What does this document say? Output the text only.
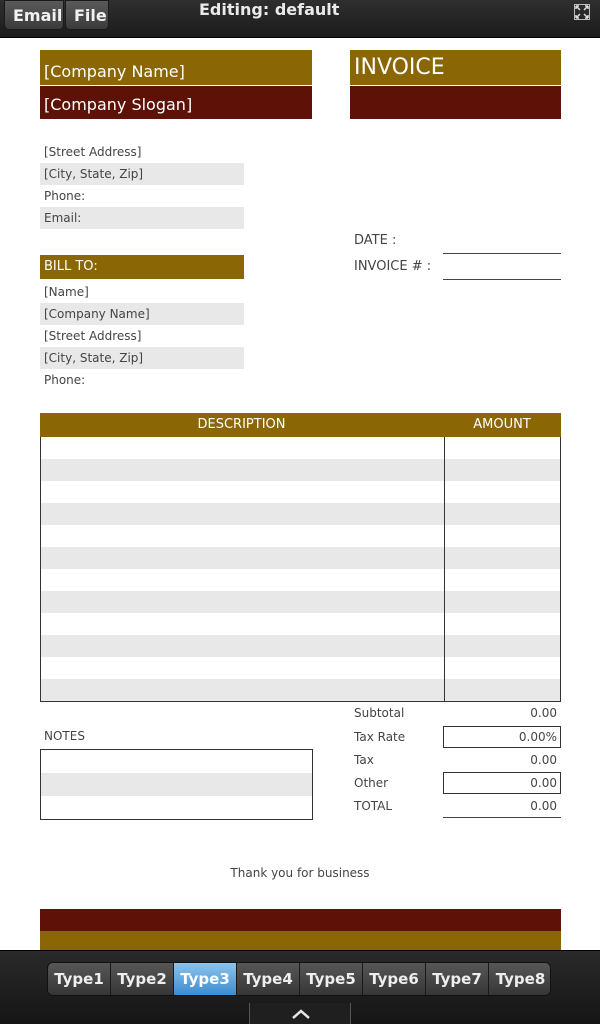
Email File	Editing: default
[Company Name]
[Company Slogan]
INVOICE
[Street Address]
[City, State, Zip]
Phone:
Email:
DATE :
INVOICE # :
BILL TO:
[Name]
[Company Name]
[Street Address]
[City, State, Zip]
Phone:
DESCRIPTION	AMOUNT
Subtotal	0.00
Tax Rate	0.00%
Tax	0.00
Other	0.00
TOTAL	0.00
NOTES
Thank you for business
Type1 Type2 Type3 Type4 Type5 Type6 Type7 Type8
